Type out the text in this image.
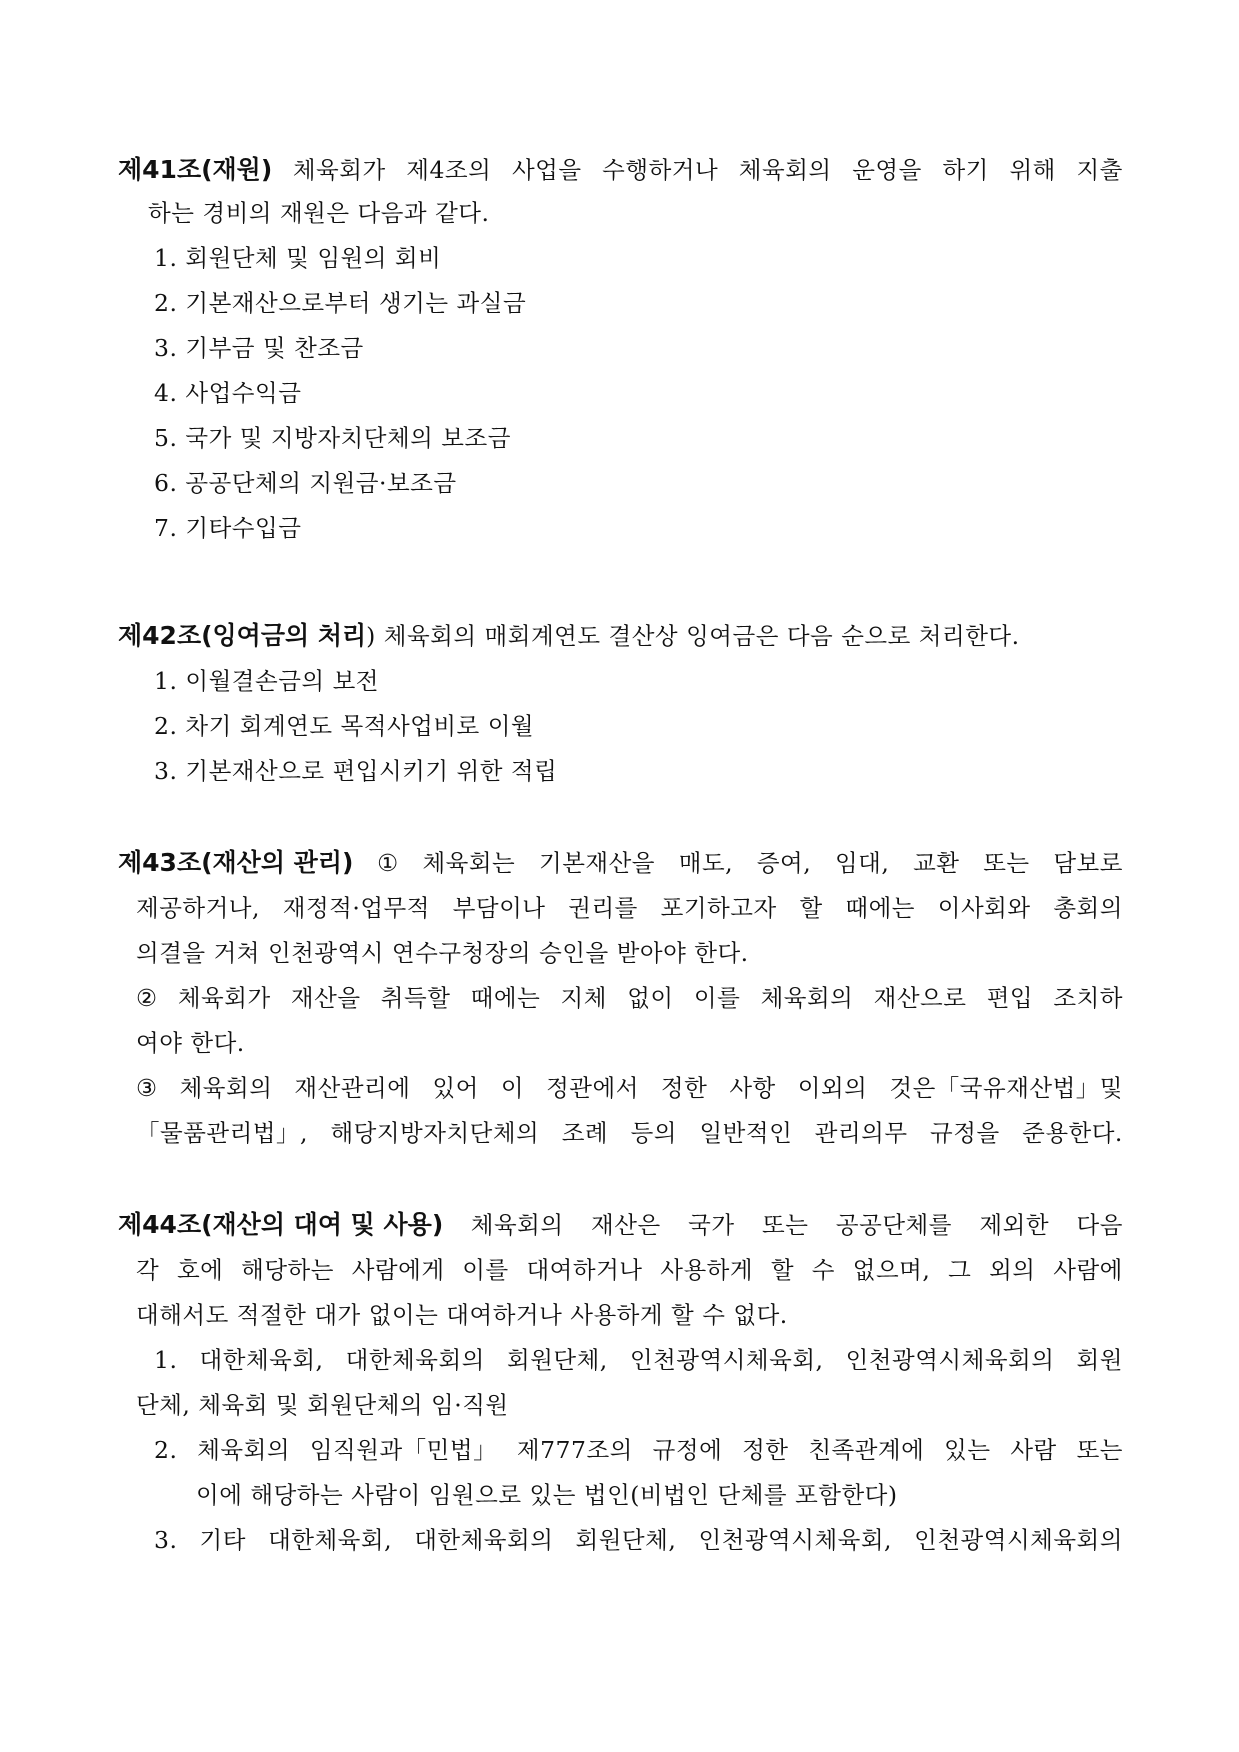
제41조(재원) 체육회가 제4조의 사업을 수행하거나 체육회의 운영을 하기 위해 지출
하는 경비의 재원은 다음과 같다.
1. 회원단체 및 임원의 회비
2. 기본재산으로부터 생기는 과실금
3. 기부금 및 찬조금
4. 사업수익금
5. 국가 및 지방자치단체의 보조금
6. 공공단체의 지원금·보조금
7. 기타수입금
제42조(잉여금의 처리) 체육회의 매회계연도 결산상 잉여금은 다음 순으로 처리한다.
1. 이월결손금의 보전
2. 차기 회계연도 목적사업비로 이월
3. 기본재산으로 편입시키기 위한 적립
제43조(재산의 관리) ① 체육회는 기본재산을 매도, 증여, 임대, 교환 또는 담보로
제공하거나, 재정적·업무적 부담이나 권리를 포기하고자 할 때에는 이사회와 총회의
의결을 거쳐 인천광역시 연수구청장의 승인을 받아야 한다.
② 체육회가 재산을 취득할 때에는 지체 없이 이를 체육회의 재산으로 편입 조치하
여야 한다.
③ 체육회의 재산관리에 있어 이 정관에서 정한 사항 이외의 것은「국유재산법」및
「물품관리법」, 해당지방자치단체의 조례 등의 일반적인 관리의무 규정을 준용한다.
제44조(재산의 대여 및 사용) 체육회의 재산은 국가 또는 공공단체를 제외한 다음
각 호에 해당하는 사람에게 이를 대여하거나 사용하게 할 수 없으며, 그 외의 사람에
대해서도 적절한 대가 없이는 대여하거나 사용하게 할 수 없다.
1. 대한체육회, 대한체육회의 회원단체, 인천광역시체육회, 인천광역시체육회의 회원
단체, 체육회 및 회원단체의 임·직원
2. 체육회의 임직원과「민법」 제777조의 규정에 정한 친족관계에 있는 사람 또는
이에 해당하는 사람이 임원으로 있는 법인(비법인 단체를 포함한다)
3. 기타 대한체육회, 대한체육회의 회원단체, 인천광역시체육회, 인천광역시체육회의
